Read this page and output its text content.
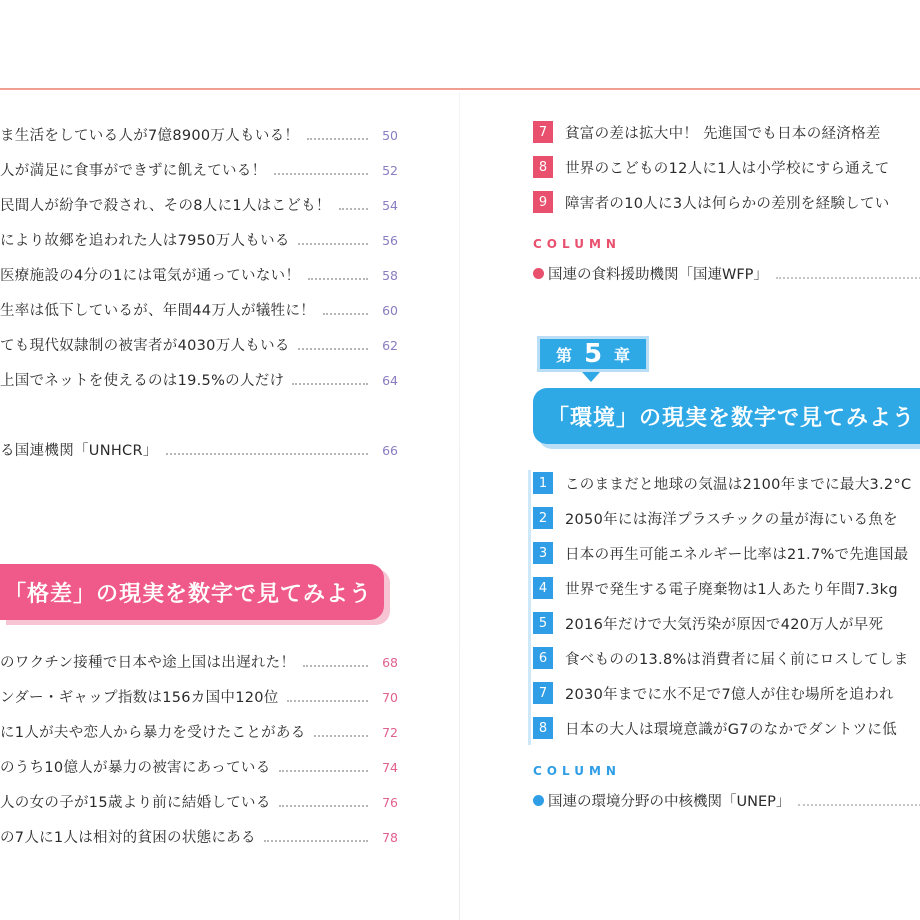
ま生活をしている人が7億8900万人もいる！	50
人が満足に食事ができずに飢えている！	52
民間人が紛争で殺され、その8人に1人はこども！	54
により故郷を追われた人は7950万人もいる	56
医療施設の4分の1には電気が通っていない！	58
生率は低下しているが、年間44万人が犠牲に！	60
ても現代奴隷制の被害者が4030万人もいる	62
上国でネットを使えるのは19.5%の人だけ	64
る国連機関「UNHCR」	66
「格差」の現実を数字で見てみよう
のワクチン接種で日本や途上国は出遅れた！	68
ンダー・ギャップ指数は156カ国中120位	70
に1人が夫や恋人から暴力を受けたことがある	72
のうち10億人が暴力の被害にあっている	74
人の女の子が15歳より前に結婚している	76
の7人に1人は相対的貧困の状態にある	78
7	貧富の差は拡大中！ 先進国でも日本の経済格差
8	世界のこどもの12人に1人は小学校にすら通えて
9	障害者の10人に3人は何らかの差別を経験してい
COLUMN
国連の食料援助機関「国連WFP」
第 5 章
「環境」の現実を数字で見てみよう
1	このままだと地球の気温は2100年までに最大3.2°C
2	2050年には海洋プラスチックの量が海にいる魚を
3	日本の再生可能エネルギー比率は21.7%で先進国最
4	世界で発生する電子廃棄物は1人あたり年間7.3kg
5	2016年だけで大気汚染が原因で420万人が早死
6	食べものの13.8%は消費者に届く前にロスしてしま
7	2030年までに水不足で7億人が住む場所を追われ
8	日本の大人は環境意識がG7のなかでダントツに低
COLUMN
国連の環境分野の中核機関「UNEP」
